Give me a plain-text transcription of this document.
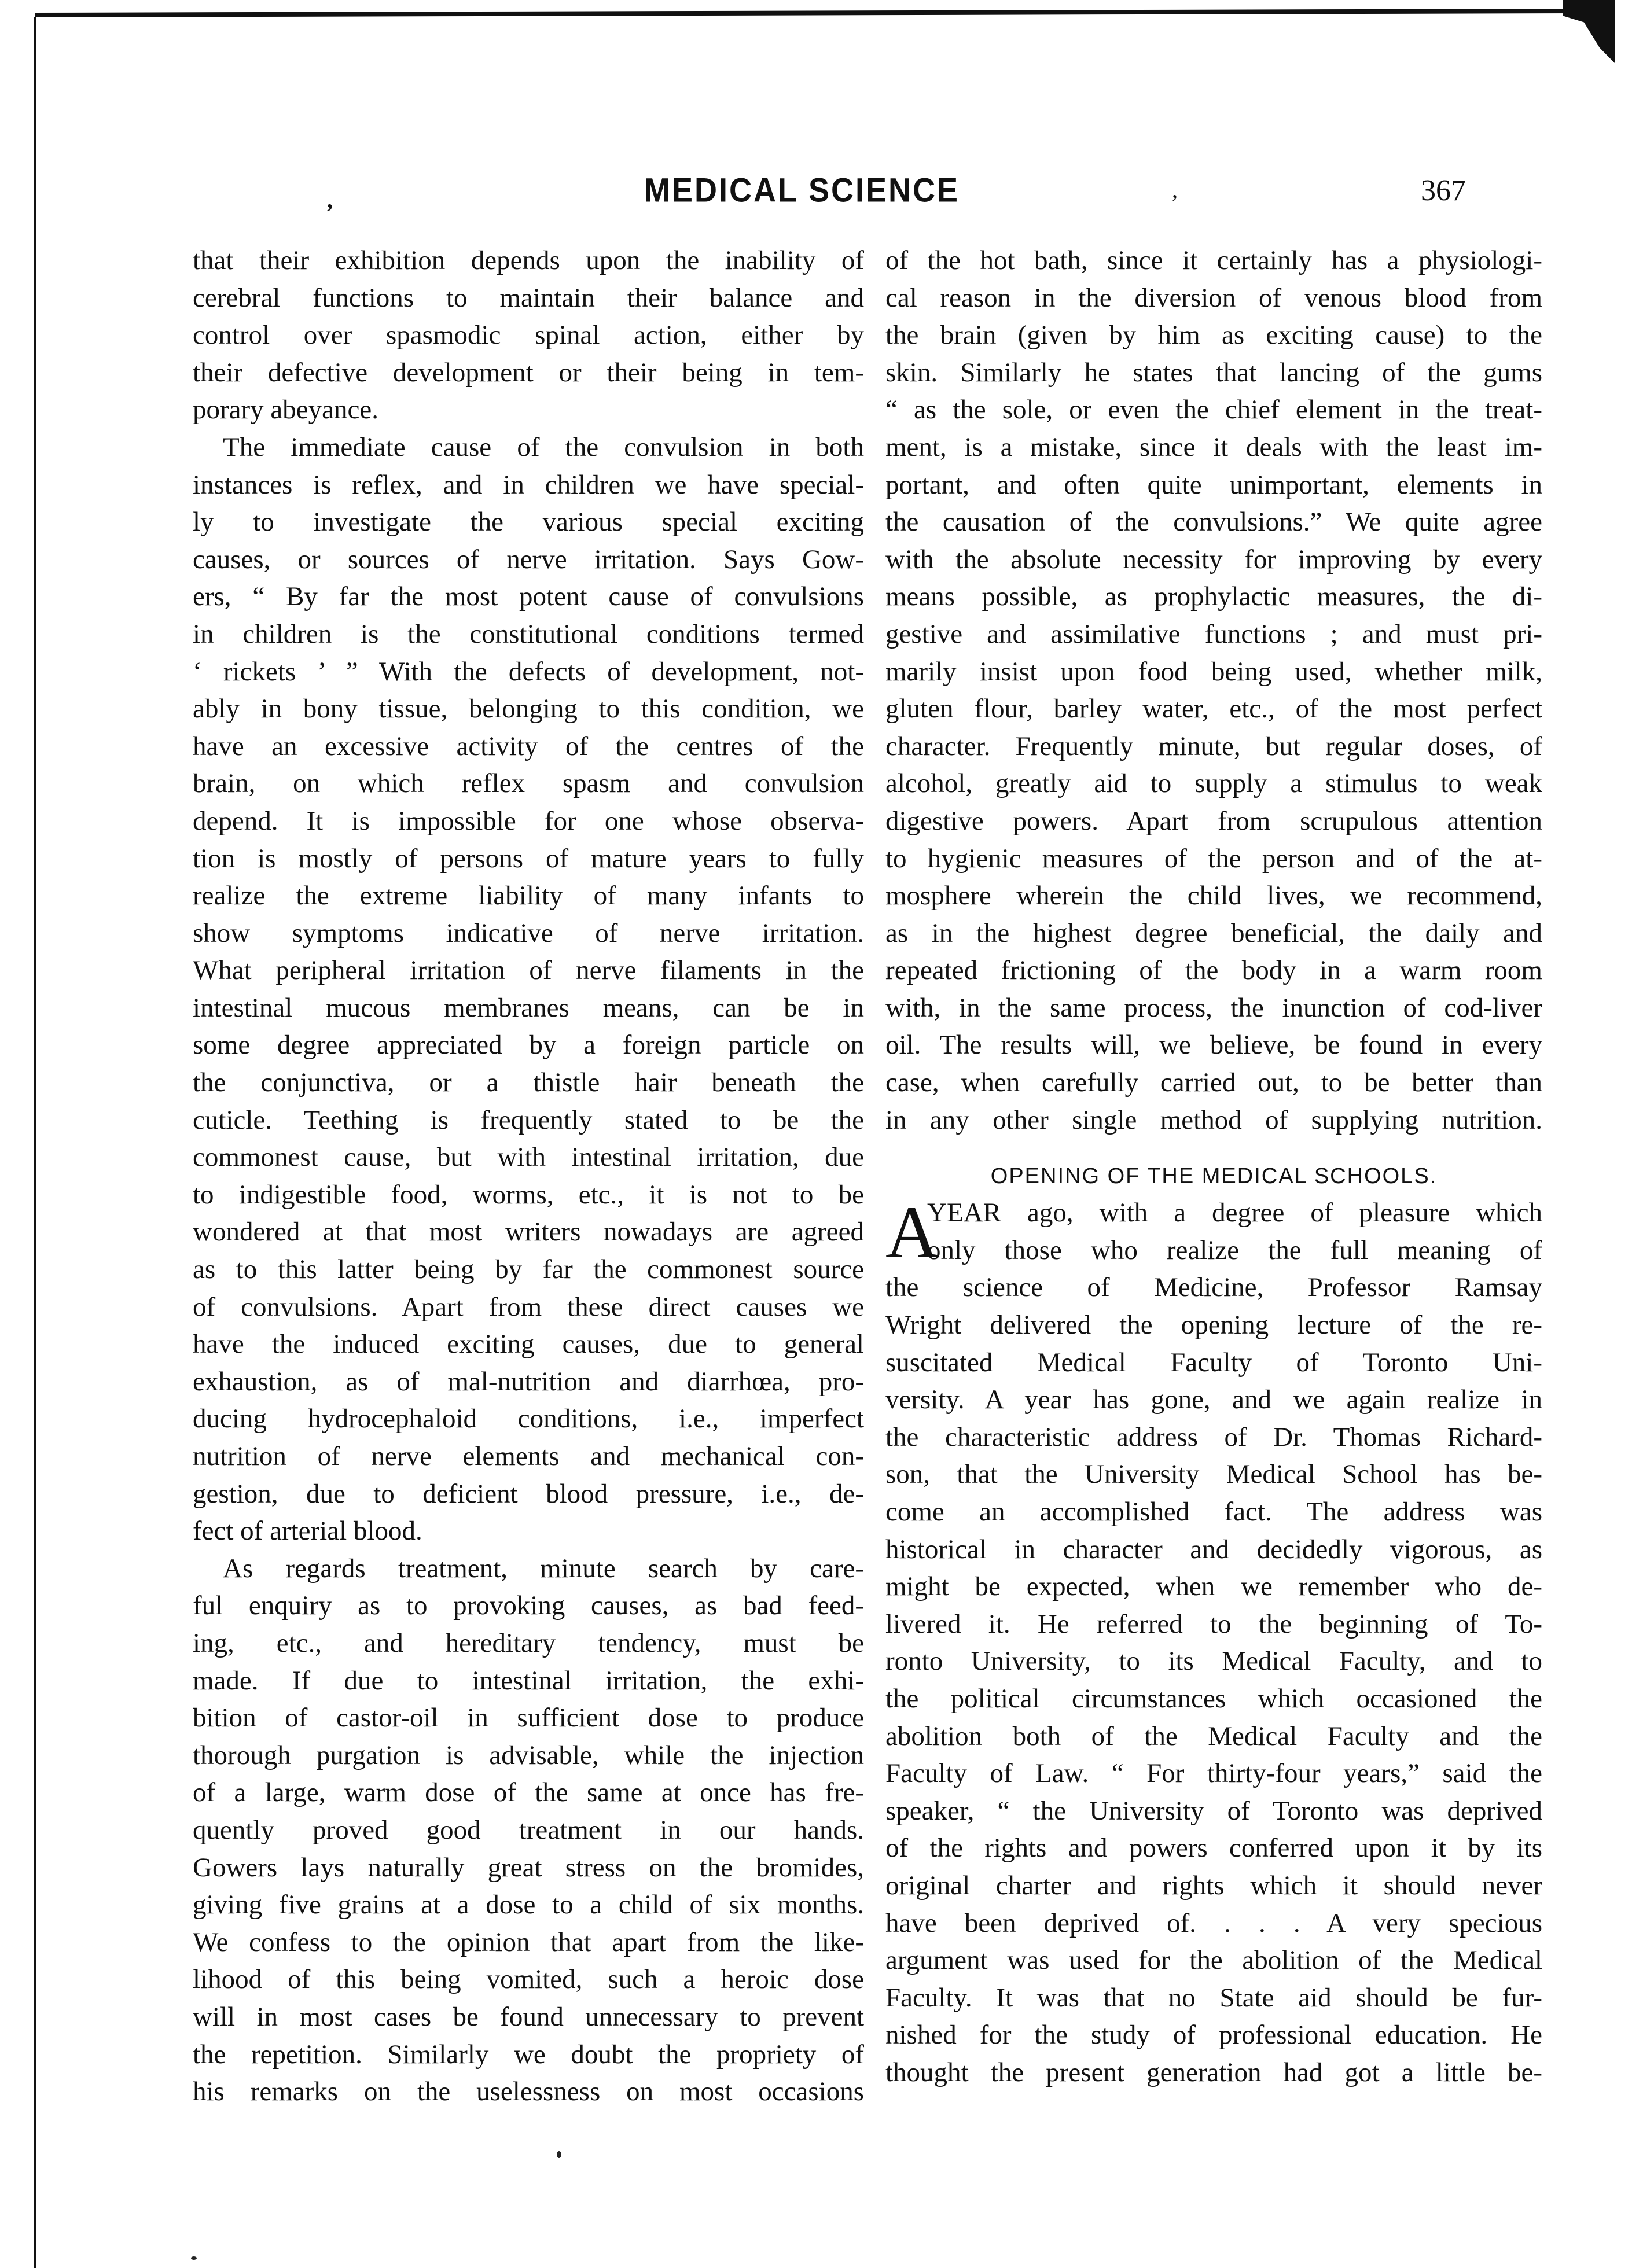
,	MEDICAL SCIENCE	,	367
that their exhibition depends upon the inability of
cerebral functions to maintain their balance and
control over spasmodic spinal action, either by
their defective development or their being in tem-
porary abeyance.
The immediate cause of the convulsion in both
instances is reflex, and in children we have special-
ly to investigate the various special exciting
causes, or sources of nerve irritation. Says Gow-
ers, “ By far the most potent cause of convulsions
in children is the constitutional conditions termed
‘ rickets ’ ” With the defects of development, not-
ably in bony tissue, belonging to this condition, we
have an excessive activity of the centres of the
brain, on which reflex spasm and convulsion
depend. It is impossible for one whose observa-
tion is mostly of persons of mature years to fully
realize the extreme liability of many infants to
show symptoms indicative of nerve irritation.
What peripheral irritation of nerve filaments in the
intestinal mucous membranes means, can be in
some degree appreciated by a foreign particle on
the conjunctiva, or a thistle hair beneath the
cuticle. Teething is frequently stated to be the
commonest cause, but with intestinal irritation, due
to indigestible food, worms, etc., it is not to be
wondered at that most writers nowadays are agreed
as to this latter being by far the commonest source
of convulsions. Apart from these direct causes we
have the induced exciting causes, due to general
exhaustion, as of mal-nutrition and diarrhœa, pro-
ducing hydrocephaloid conditions, i.e., imperfect
nutrition of nerve elements and mechanical con-
gestion, due to deficient blood pressure, i.e., de-
fect of arterial blood.
As regards treatment, minute search by care-
ful enquiry as to provoking causes, as bad feed-
ing, etc., and hereditary tendency, must be
made. If due to intestinal irritation, the exhi-
bition of castor-oil in sufficient dose to produce
thorough purgation is advisable, while the injection
of a large, warm dose of the same at once has fre-
quently proved good treatment in our hands.
Gowers lays naturally great stress on the bromides,
giving five grains at a dose to a child of six months.
We confess to the opinion that apart from the like-
lihood of this being vomited, such a heroic dose
will in most cases be found unnecessary to prevent
the repetition. Similarly we doubt the propriety of
his remarks on the uselessness on most occasions
of the hot bath, since it certainly has a physiologi-
cal reason in the diversion of venous blood from
the brain (given by him as exciting cause) to the
skin. Similarly he states that lancing of the gums
“ as the sole, or even the chief element in the treat-
ment, is a mistake, since it deals with the least im-
portant, and often quite unimportant, elements in
the causation of the convulsions.” We quite agree
with the absolute necessity for improving by every
means possible, as prophylactic measures, the di-
gestive and assimilative functions ; and must pri-
marily insist upon food being used, whether milk,
gluten flour, barley water, etc., of the most perfect
character. Frequently minute, but regular doses, of
alcohol, greatly aid to supply a stimulus to weak
digestive powers. Apart from scrupulous attention
to hygienic measures of the person and of the at-
mosphere wherein the child lives, we recommend,
as in the highest degree beneficial, the daily and
repeated frictioning of the body in a warm room
with, in the same process, the inunction of cod-liver
oil. The results will, we believe, be found in every
case, when carefully carried out, to be better than
in any other single method of supplying nutrition.
OPENING OF THE MEDICAL SCHOOLS.
A
YEAR ago, with a degree of pleasure which
only those who realize the full meaning of
the science of Medicine, Professor Ramsay
Wright delivered the opening lecture of the re-
suscitated Medical Faculty of Toronto Uni-
versity. A year has gone, and we again realize in
the characteristic address of Dr. Thomas Richard-
son, that the University Medical School has be-
come an accomplished fact. The address was
historical in character and decidedly vigorous, as
might be expected, when we remember who de-
livered it. He referred to the beginning of To-
ronto University, to its Medical Faculty, and to
the political circumstances which occasioned the
abolition both of the Medical Faculty and the
Faculty of Law. “ For thirty-four years,” said the
speaker, “ the University of Toronto was deprived
of the rights and powers conferred upon it by its
original charter and rights which it should never
have been deprived of. . . . A very specious
argument was used for the abolition of the Medical
Faculty. It was that no State aid should be fur-
nished for the study of professional education. He
thought the present generation had got a little be-
